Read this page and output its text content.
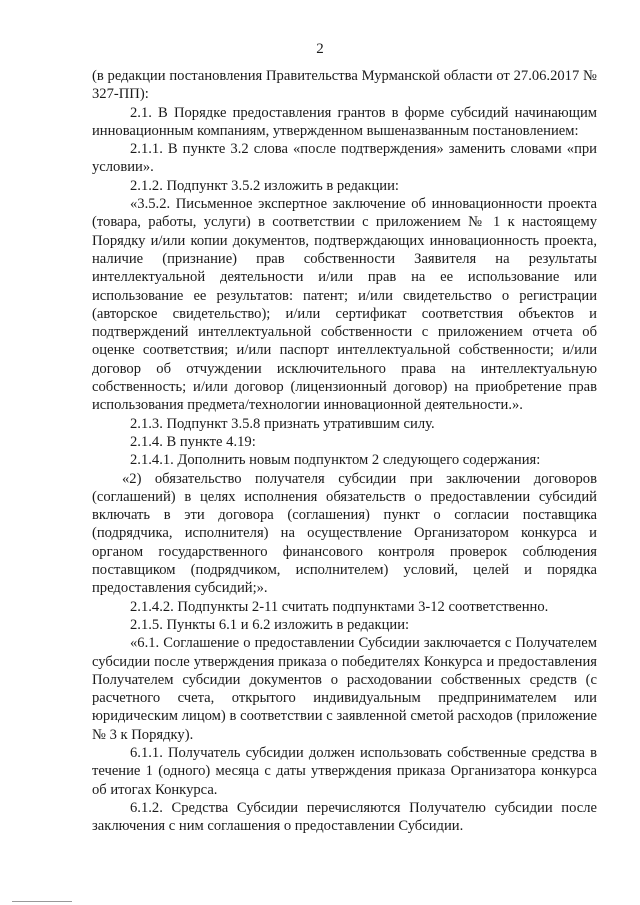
2

(в редакции постановления Правительства Мурманской области от 27.06.2017 № 327-ПП):

2.1. В Порядке предоставления грантов в форме субсидий начинающим инновационным компаниям, утвержденном вышеназванным постановлением:

2.1.1. В пункте 3.2 слова «после подтверждения» заменить словами «при условии».

2.1.2. Подпункт 3.5.2 изложить в редакции:

«3.5.2. Письменное экспертное заключение об инновационности проекта (товара, работы, услуги) в соответствии с приложением № 1 к настоящему Порядку и/или копии документов, подтверждающих инновационность проекта, наличие (признание) прав собственности Заявителя на результаты интеллектуальной деятельности и/или прав на ее использование или использование ее результатов: патент; и/или свидетельство о регистрации (авторское свидетельство); и/или сертификат соответствия объектов и подтверждений интеллектуальной собственности с приложением отчета об оценке соответствия; и/или паспорт интеллектуальной собственности; и/или договор об отчуждении исключительного права на интеллектуальную собственность; и/или договор (лицензионный договор) на приобретение прав использования предмета/технологии инновационной деятельности.».

2.1.3. Подпункт 3.5.8 признать утратившим силу.

2.1.4. В пункте 4.19:

2.1.4.1. Дополнить новым подпунктом 2 следующего содержания:

«2) обязательство получателя субсидии при заключении договоров (соглашений) в целях исполнения обязательств о предоставлении субсидий включать в эти договора (соглашения) пункт о согласии поставщика (подрядчика, исполнителя) на осуществление Организатором конкурса и органом государственного финансового контроля проверок соблюдения поставщиком (подрядчиком, исполнителем) условий, целей и порядка предоставления субсидий;».

2.1.4.2. Подпункты 2-11 считать подпунктами 3-12 соответственно.

2.1.5. Пункты 6.1 и 6.2 изложить в редакции:

«6.1. Соглашение о предоставлении Субсидии заключается с Получателем субсидии после утверждения приказа о победителях Конкурса и предоставления Получателем субсидии документов о расходовании собственных средств (с расчетного счета, открытого индивидуальным предпринимателем или юридическим лицом) в соответствии с заявленной сметой расходов (приложение № 3 к Порядку).

6.1.1. Получатель субсидии должен использовать собственные средства в течение 1 (одного) месяца с даты утверждения приказа Организатора конкурса об итогах Конкурса.

6.1.2. Средства Субсидии перечисляются Получателю субсидии после заключения с ним соглашения о предоставлении Субсидии.
